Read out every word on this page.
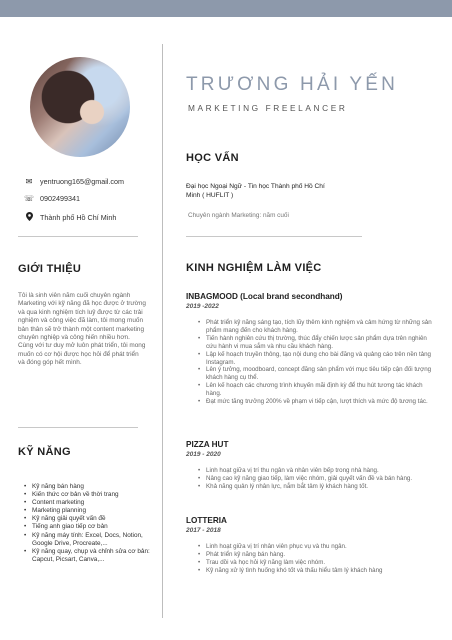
✉ yentruong165@gmail.com
☏ 0902499341
Thành phố Hồ Chí Minh
GIỚI THIỆU
Tôi là sinh viên năm cuối chuyên ngành Marketing với kỹ năng đã học được ở trường và qua kinh nghiệm tích luỹ được từ các trải nghiệm và công việc đã làm, tôi mong muốn bản thân sẽ trở thành một content marketing chuyên nghiệp và công hiến nhiều hơn. Cùng với tư duy mở luôn phát triển, tôi mong muốn có cơ hội được học hỏi để phát triển và đóng góp hết mình.
KỸ NĂNG
• Kỹ năng bán hàng
• Kiến thức cơ bản về thời trang
• Content marketing
• Marketing planning
• Kỹ năng giải quyết vấn đề
• Tiếng anh giao tiếp cơ bản
• Kỹ năng máy tính: Excel, Docs, Notion, Google Drive, Procreate,...
• Kỹ năng quay, chụp và chỉnh sửa cơ bản: Capcut, Picsart, Canva,...
TRƯƠNG HẢI YẾN
MARKETING FREELANCER
HỌC VẤN
Đại học Ngoại Ngữ - Tin học Thành phố Hồ Chí Minh ( HUFLIT )
Chuyên ngành Marketing: năm cuối
KINH NGHIỆM LÀM VIỆC
INBAGMOOD (Local brand secondhand)
2019 -2022
• Phát triển kỹ năng sáng tạo, tích lũy thêm kinh nghiệm và cảm hứng từ những sản phẩm mang đến cho khách hàng.
• Tiến hành nghiên cứu thị trường, thúc đẩy chiến lược sản phẩm dựa trên nghiên cứu hành vi mua sắm và nhu cầu khách hàng.
• Lập kế hoạch truyền thông, tạo nội dung cho bài đăng và quảng cáo trên nền tảng Instagram.
• Lên ý tưởng, moodboard, concept đăng sản phẩm với mục tiêu tiếp cận đối tượng khách hàng cụ thể.
• Lên kế hoạch các chương trình khuyến mãi định kỳ để thu hút tương tác khách hàng.
• Đạt mức tăng trưởng 200% về phạm vi tiếp cận, lượt thích và mức độ tương tác.
PIZZA HUT
2019 - 2020
• Linh hoạt giữa vị trí thu ngân và nhân viên bếp trong nhà hàng.
• Nâng cao kỹ năng giao tiếp, làm việc nhóm, giải quyết vấn đề và bán hàng.
• Khả năng quản lý nhân lực, nắm bắt tâm lý khách hàng tốt.
LOTTERIA
2017 - 2018
• Linh hoạt giữa vị trí nhân viên phục vụ và thu ngân.
• Phát triển kỹ năng bán hàng.
• Trau dồi và học hỏi kỹ năng làm việc nhóm.
• Kỹ năng xử lý tình huống khó tốt và thấu hiểu tâm lý khách hàng
